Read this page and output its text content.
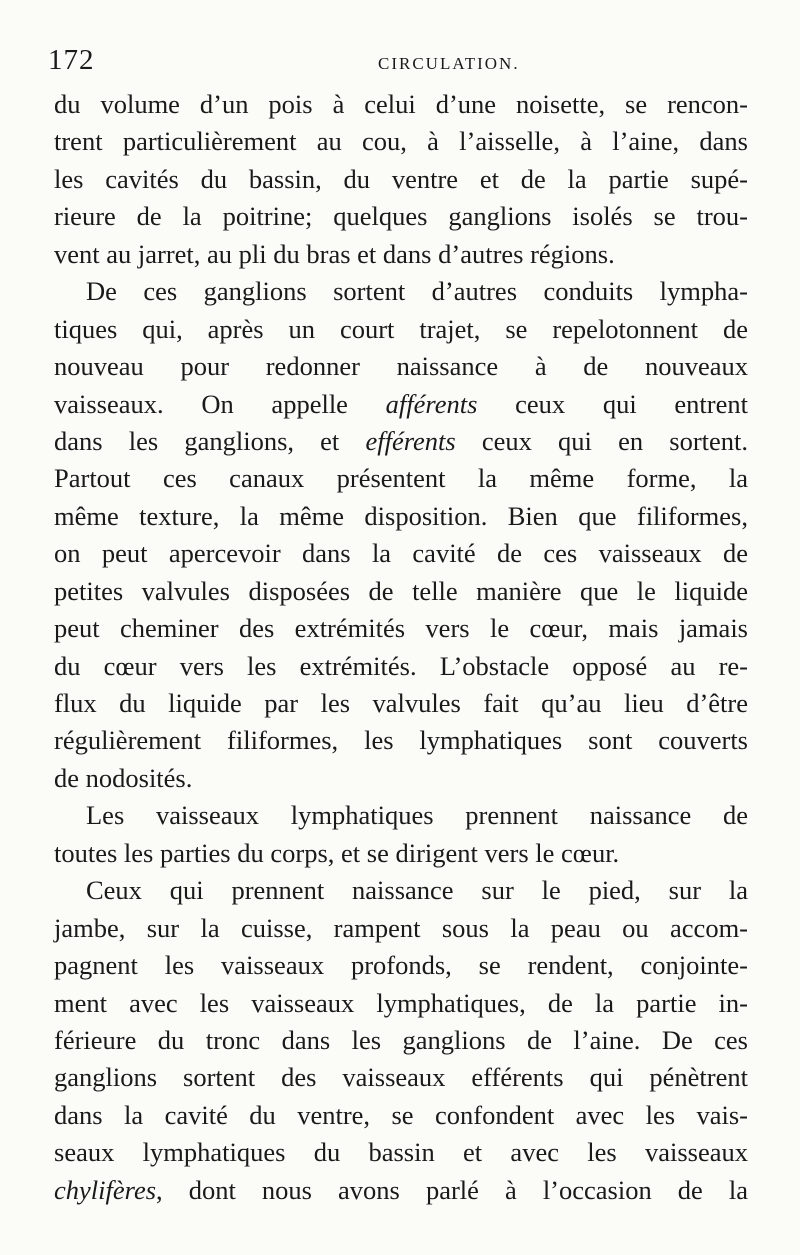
172	CIRCULATION.
du volume d’un pois à celui d’une noisette, se rencon-
trent particulièrement au cou, à l’aisselle, à l’aine, dans
les cavités du bassin, du ventre et de la partie supé-
rieure de la poitrine; quelques ganglions isolés se trou-
vent au jarret, au pli du bras et dans d’autres régions.
De ces ganglions sortent d’autres conduits lympha-
tiques qui, après un court trajet, se repelotonnent de
nouveau pour redonner naissance à de nouveaux
vaisseaux. On appelle afférents ceux qui entrent
dans les ganglions, et efférents ceux qui en sortent.
Partout ces canaux présentent la même forme, la
même texture, la même disposition. Bien que filiformes,
on peut apercevoir dans la cavité de ces vaisseaux de
petites valvules disposées de telle manière que le liquide
peut cheminer des extrémités vers le cœur, mais jamais
du cœur vers les extrémités. L’obstacle opposé au re-
flux du liquide par les valvules fait qu’au lieu d’être
régulièrement filiformes, les lymphatiques sont couverts
de nodosités.
Les vaisseaux lymphatiques prennent naissance de
toutes les parties du corps, et se dirigent vers le cœur.
Ceux qui prennent naissance sur le pied, sur la
jambe, sur la cuisse, rampent sous la peau ou accom-
pagnent les vaisseaux profonds, se rendent, conjointe-
ment avec les vaisseaux lymphatiques, de la partie in-
férieure du tronc dans les ganglions de l’aine. De ces
ganglions sortent des vaisseaux efférents qui pénètrent
dans la cavité du ventre, se confondent avec les vais-
seaux lymphatiques du bassin et avec les vaisseaux
chylifères, dont nous avons parlé à l’occasion de la
